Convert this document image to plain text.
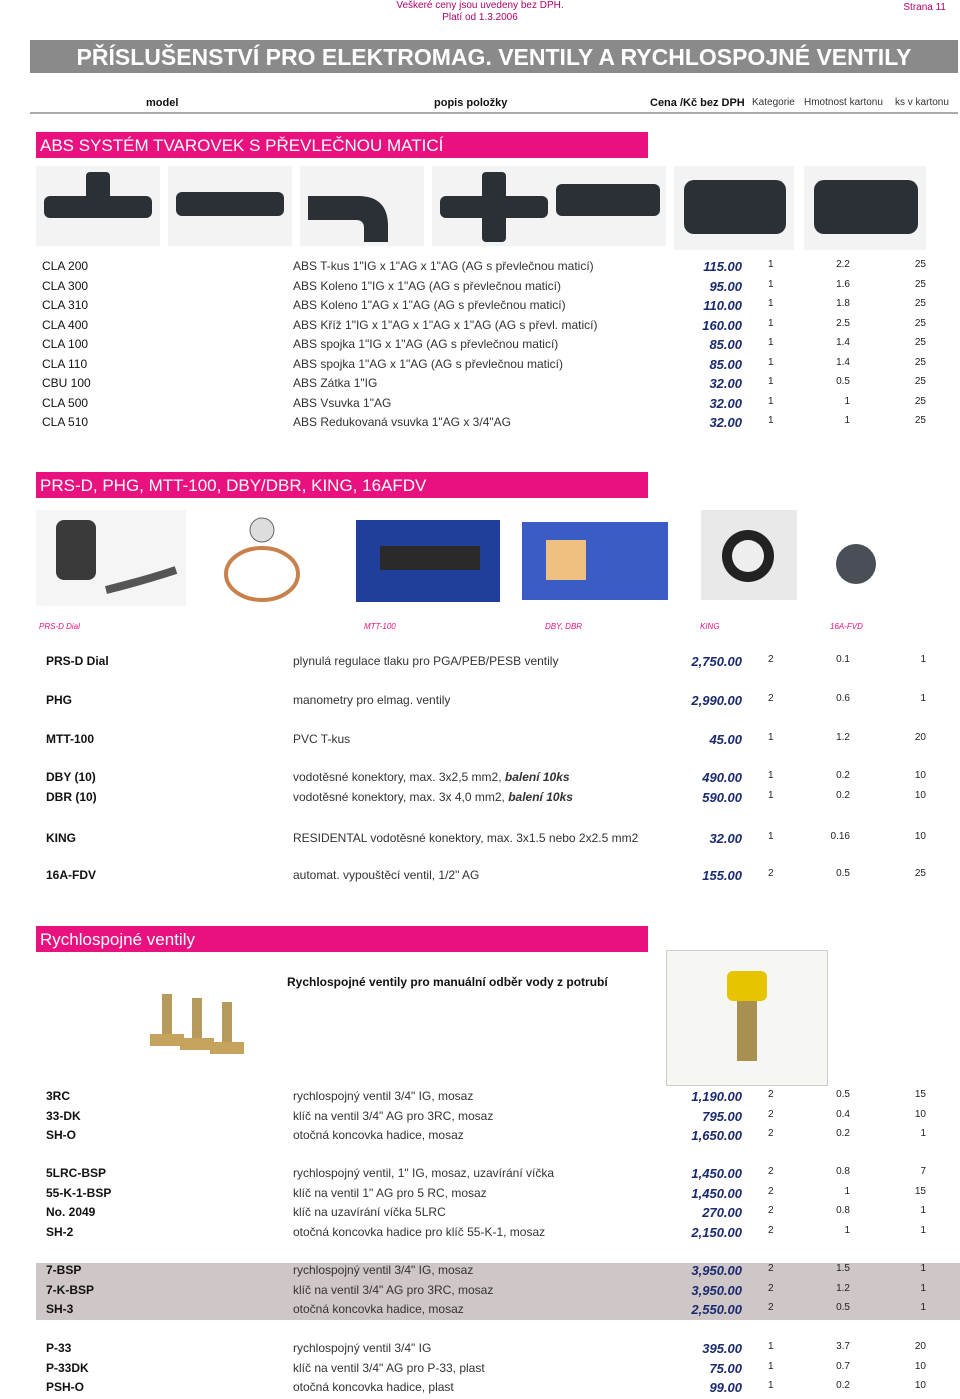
Veškeré ceny jsou uvedeny bez DPH.
Platí od 1.3.2006
Strana 11
PŘÍSLUŠENSTVÍ PRO ELEKTROMAG. VENTILY A RYCHLOSPOJNÉ VENTILY
model	popis položky	Cena /Kč bez DPH Kategorie Hmotnost kartonu ks v kartonu
ABS SYSTÉM TVAROVEK S PŘEVLEČNOU MATICÍ
CLA 200	ABS T-kus 1"IG x 1"AG x 1"AG (AG s převlečnou maticí)	115.00	1	2.2	25
CLA 300	ABS Koleno 1"IG x 1"AG (AG s převlečnou maticí)	95.00	1	1.6	25
CLA 310	ABS Koleno 1"AG x 1"AG (AG s převlečnou maticí)	110.00	1	1.8	25
CLA 400	ABS Kříž 1"IG x 1"AG x 1"AG x 1"AG (AG s převl. maticí)	160.00	1	2.5	25
CLA 100	ABS spojka 1"IG x 1"AG (AG s převlečnou maticí)	85.00	1	1.4	25
CLA 110	ABS spojka 1"AG x 1"AG (AG s převlečnou maticí)	85.00	1	1.4	25
CBU 100	ABS Zátka 1"IG	32.00	1	0.5	25
CLA 500	ABS Vsuvka 1"AG	32.00	1	1	25
CLA 510	ABS Redukovaná vsuvka 1"AG x 3/4"AG	32.00	1	1	25
PRS-D, PHG, MTT-100, DBY/DBR, KING, 16AFDV
PRS-D Dial	MTT-100	DBY, DBR	KING	16A-FVD
PRS-D Dial	plynulá regulace tlaku pro PGA/PEB/PESB ventily	2,750.00	2	0.1	1
PHG	manometry pro elmag. ventily	2,990.00	2	0.6	1
MTT-100	PVC T-kus	45.00	1	1.2	20
DBY (10)	vodotěsné konektory, max. 3x2,5 mm2, balení 10ks	490.00	1	0.2	10
DBR (10)	vodotěsné konektory, max. 3x 4,0 mm2, balení 10ks	590.00	1	0.2	10
KING	RESIDENTAL vodotěsné konektory, max. 3x1.5 nebo 2x2.5 mm2	32.00	1	0.16	10
16A-FDV	automat. vypouštěcí ventil, 1/2" AG	155.00	2	0.5	25
Rychlospojné ventily
Rychlospojné ventily pro manuální odběr vody z potrubí
3RC	rychlospojný ventil 3/4" IG, mosaz	1,190.00	2	0.5	15
33-DK	klíč na ventil 3/4" AG pro 3RC, mosaz	795.00	2	0.4	10
SH-O	otočná koncovka hadice, mosaz	1,650.00	2	0.2	1
5LRC-BSP	rychlospojný ventil, 1" IG, mosaz, uzavírání víčka	1,450.00	2	0.8	7
55-K-1-BSP	klíč na ventil 1" AG pro 5 RC, mosaz	1,450.00	2	1	15
No. 2049	klíč na uzavírání víčka 5LRC	270.00	2	0.8	1
SH-2	otočná koncovka hadice pro klíč 55-K-1, mosaz	2,150.00	2	1	1
7-BSP	rychlospojný ventil 3/4" IG, mosaz	3,950.00	2	1.5	1
7-K-BSP	klíč na ventil 3/4" AG pro 3RC, mosaz	3,950.00	2	1.2	1
SH-3	otočná koncovka hadice, mosaz	2,550.00	2	0.5	1
P-33	rychlospojný ventil 3/4" IG	395.00	1	3.7	20
P-33DK	klíč na ventil 3/4" AG pro P-33, plast	75.00	1	0.7	10
PSH-O	otočná koncovka hadice, plast	99.00	1	0.2	10
